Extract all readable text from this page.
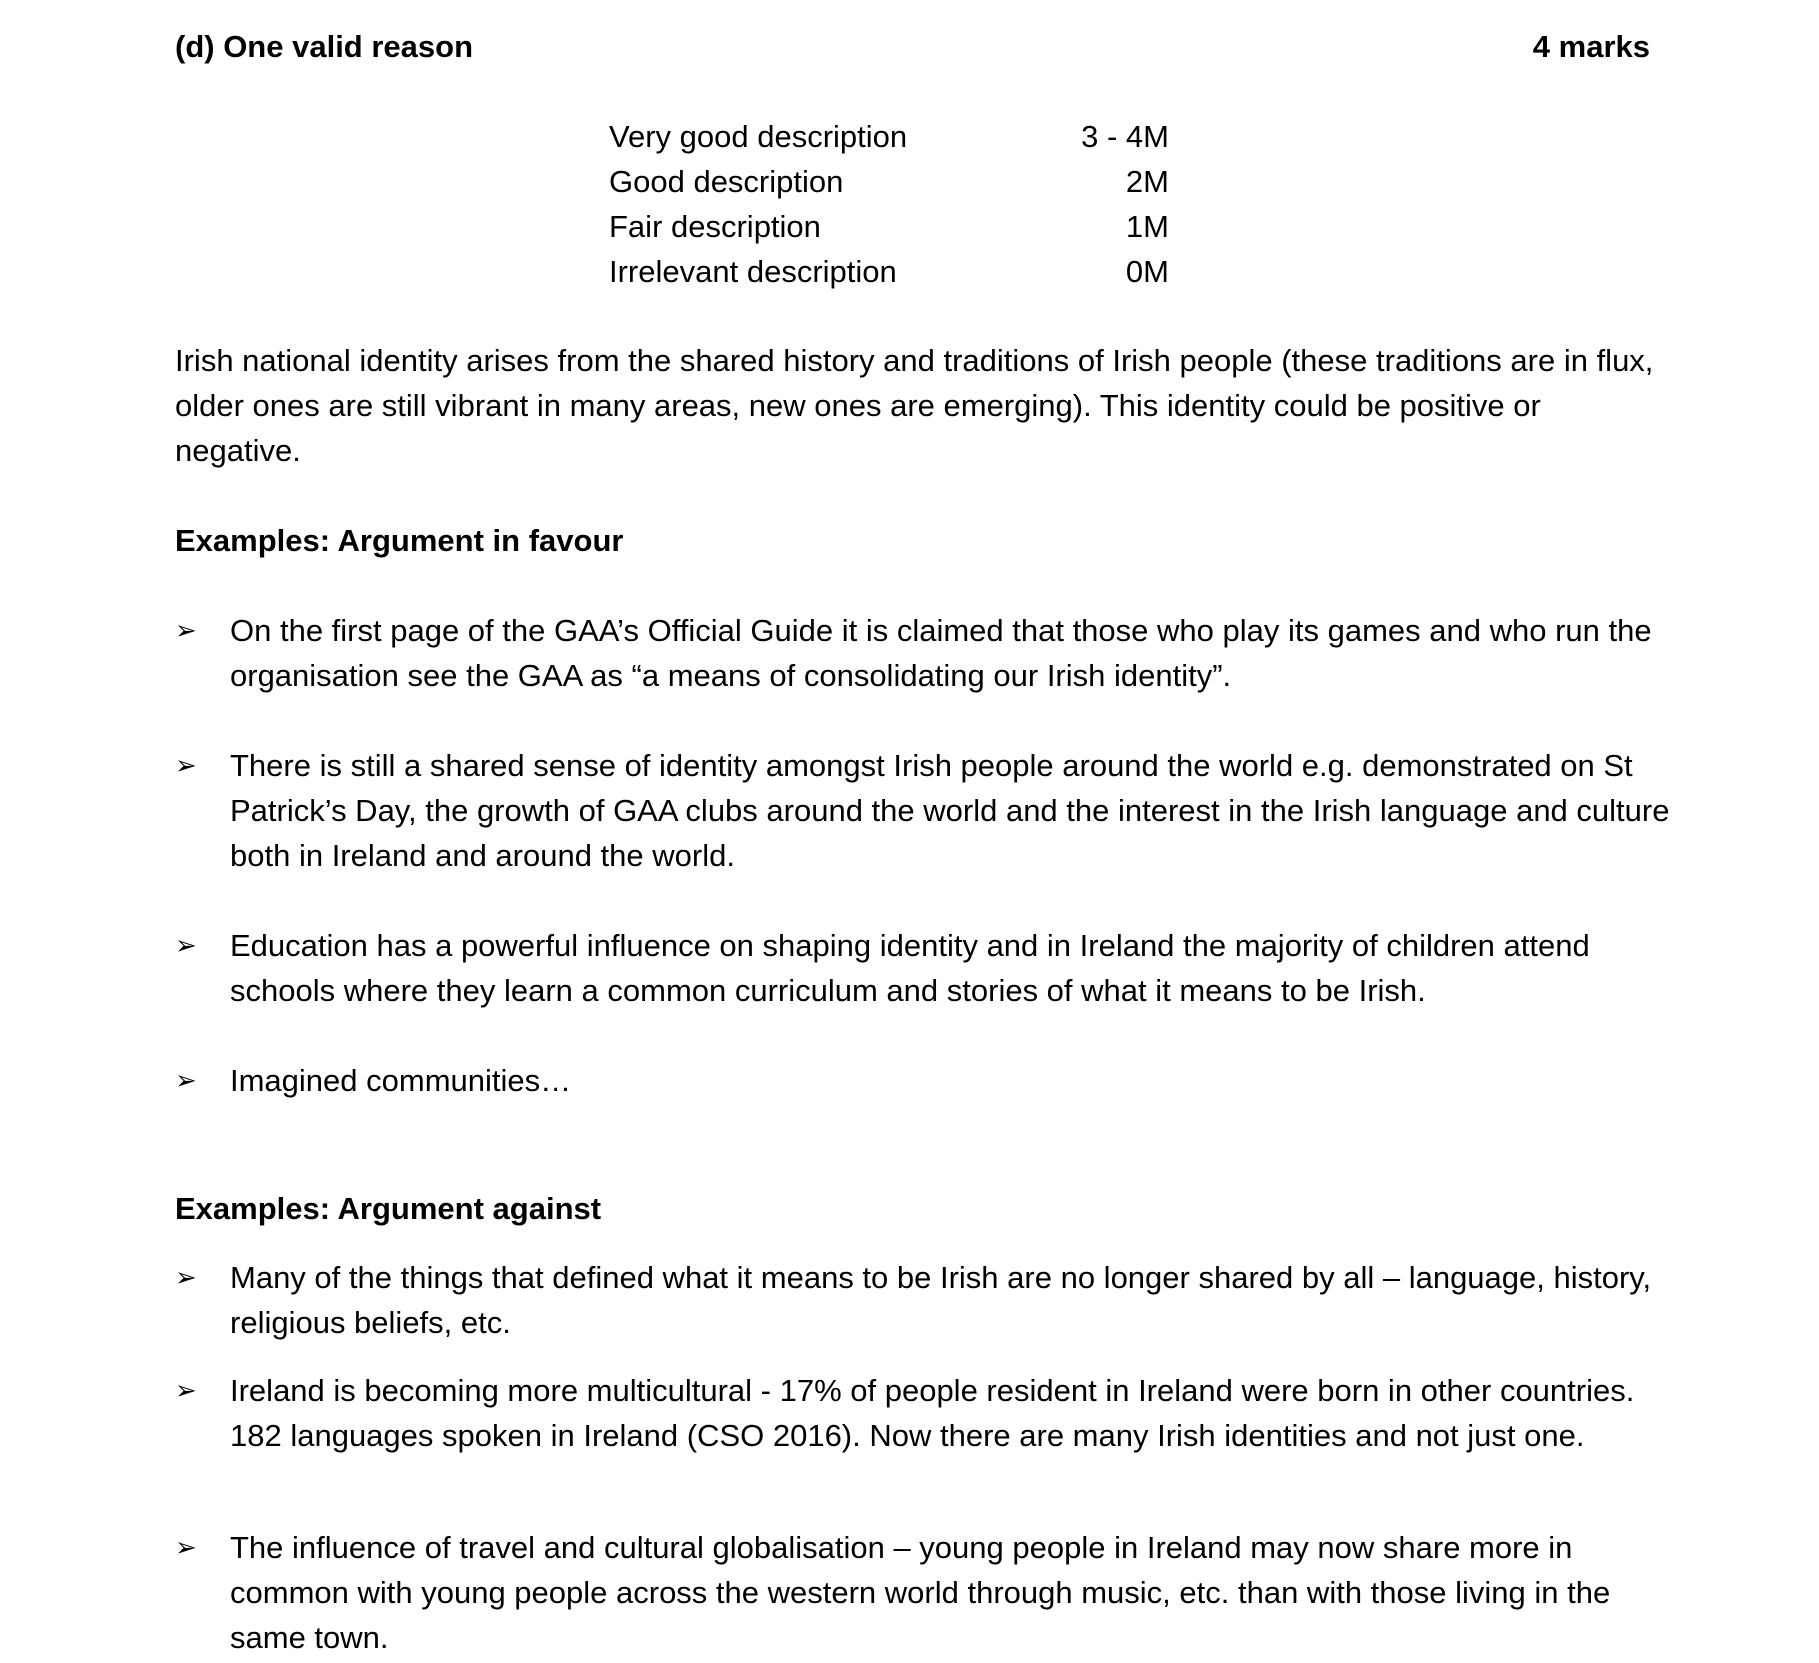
(d) One valid reason	4 marks
Very good description	3 - 4M
Good description	2M
Fair description	1M
Irrelevant description	0M

Irish national identity arises from the shared history and traditions of Irish people (these traditions are in flux, older ones are still vibrant in many areas, new ones are emerging). This identity could be positive or negative.

Examples: Argument in favour

➢	On the first page of the GAA’s Official Guide it is claimed that those who play its games and who run the organisation see the GAA as “a means of consolidating our Irish identity”.
➢	There is still a shared sense of identity amongst Irish people around the world e.g. demonstrated on St Patrick’s Day, the growth of GAA clubs around the world and the interest in the Irish language and culture both in Ireland and around the world.
➢	Education has a powerful influence on shaping identity and in Ireland the majority of children attend schools where they learn a common curriculum and stories of what it means to be Irish.
➢	Imagined communities…

Examples: Argument against

➢	Many of the things that defined what it means to be Irish are no longer shared by all – language, history, religious beliefs, etc.
➢	Ireland is becoming more multicultural - 17% of people resident in Ireland were born in other countries. 182 languages spoken in Ireland (CSO 2016). Now there are many Irish identities and not just one.
➢	The influence of travel and cultural globalisation – young people in Ireland may now share more in common with young people across the western world through music, etc. than with those living in the same town.
